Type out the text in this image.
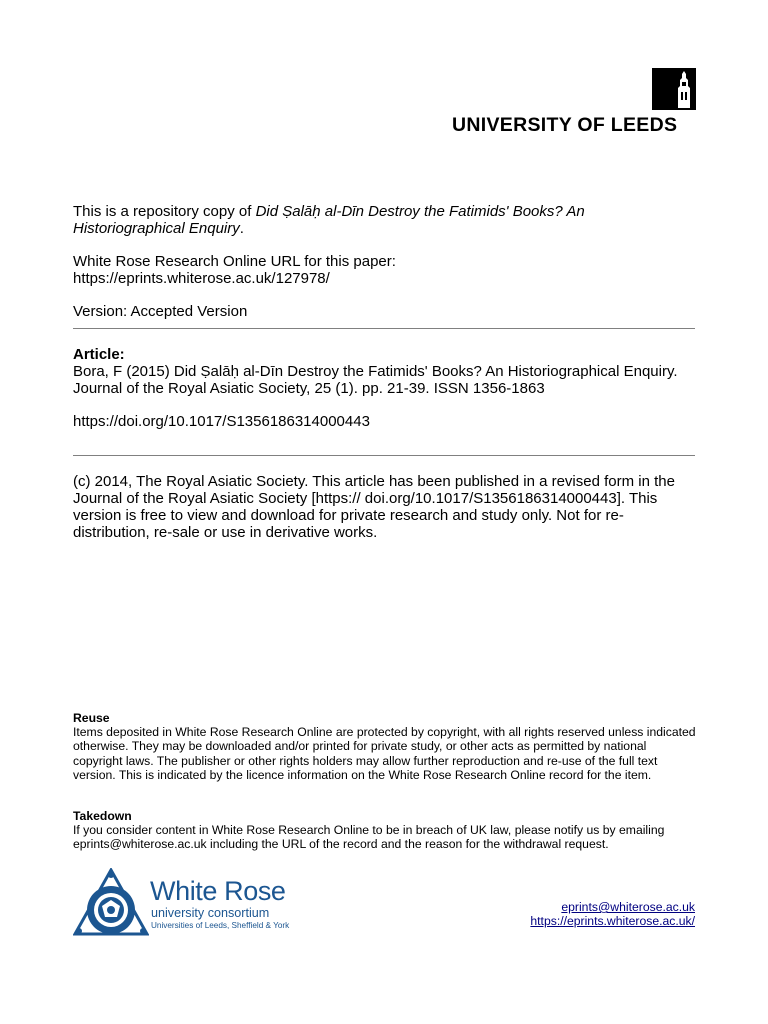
UNIVERSITY OF LEEDS
This is a repository copy of Did Ṣalāḥ al-Dīn Destroy the Fatimids' Books? An Historiographical Enquiry.
White Rose Research Online URL for this paper:
https://eprints.whiterose.ac.uk/127978/
Version: Accepted Version
Article:
Bora, F (2015) Did Ṣalāḥ al-Dīn Destroy the Fatimids' Books? An Historiographical Enquiry. Journal of the Royal Asiatic Society, 25 (1). pp. 21-39. ISSN 1356-1863
https://doi.org/10.1017/S1356186314000443
(c) 2014, The Royal Asiatic Society. This article has been published in a revised form in the Journal of the Royal Asiatic Society [https:// doi.org/10.1017/S1356186314000443]. This version is free to view and download for private research and study only. Not for re-distribution, re-sale or use in derivative works.
Reuse
Items deposited in White Rose Research Online are protected by copyright, with all rights reserved unless indicated otherwise. They may be downloaded and/or printed for private study, or other acts as permitted by national copyright laws. The publisher or other rights holders may allow further reproduction and re-use of the full text version. This is indicated by the licence information on the White Rose Research Online record for the item.
Takedown
If you consider content in White Rose Research Online to be in breach of UK law, please notify us by emailing eprints@whiterose.ac.uk including the URL of the record and the reason for the withdrawal request.
White Rose
university consortium
Universities of Leeds, Sheffield & York
eprints@whiterose.ac.uk
https://eprints.whiterose.ac.uk/
